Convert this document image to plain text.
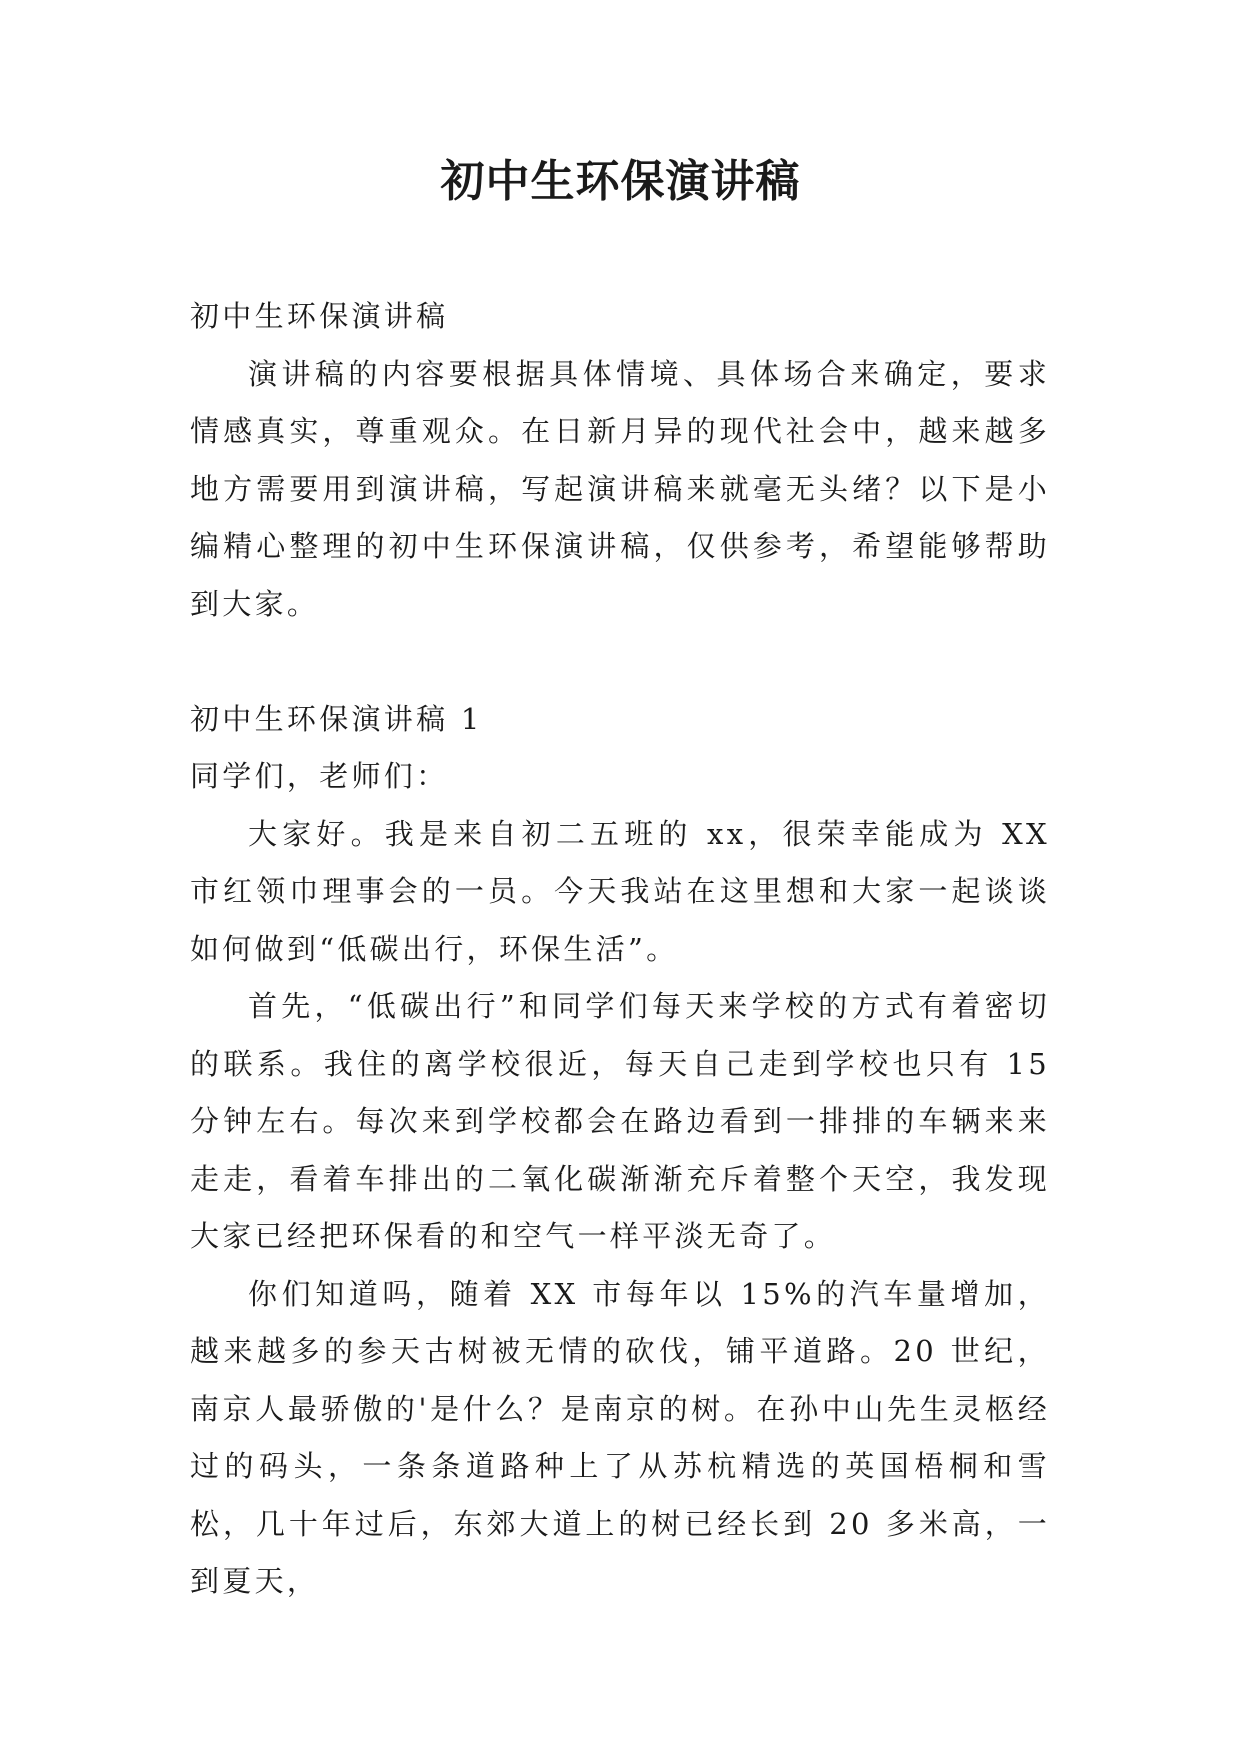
初中生环保演讲稿

初中生环保演讲稿

演讲稿的内容要根据具体情境、具体场合来确定，要求情感真实，尊重观众。在日新月异的现代社会中，越来越多地方需要用到演讲稿，写起演讲稿来就毫无头绪？以下是小编精心整理的初中生环保演讲稿，仅供参考，希望能够帮助到大家。

初中生环保演讲稿 1

同学们，老师们：

大家好。我是来自初二五班的 xx，很荣幸能成为 XX 市红领巾理事会的一员。今天我站在这里想和大家一起谈谈如何做到“低碳出行，环保生活”。

首先，“低碳出行”和同学们每天来学校的方式有着密切的联系。我住的离学校很近，每天自己走到学校也只有 15 分钟左右。每次来到学校都会在路边看到一排排的车辆来来走走，看着车排出的二氧化碳渐渐充斥着整个天空，我发现大家已经把环保看的和空气一样平淡无奇了。

你们知道吗，随着 XX 市每年以 15%的汽车量增加，越来越多的参天古树被无情的砍伐，铺平道路。20 世纪，南京人最骄傲的'是什么？是南京的树。在孙中山先生灵柩经过的码头，一条条道路种上了从苏杭精选的英国梧桐和雪松，几十年过后，东郊大道上的树已经长到 20 多米高，一到夏天，
